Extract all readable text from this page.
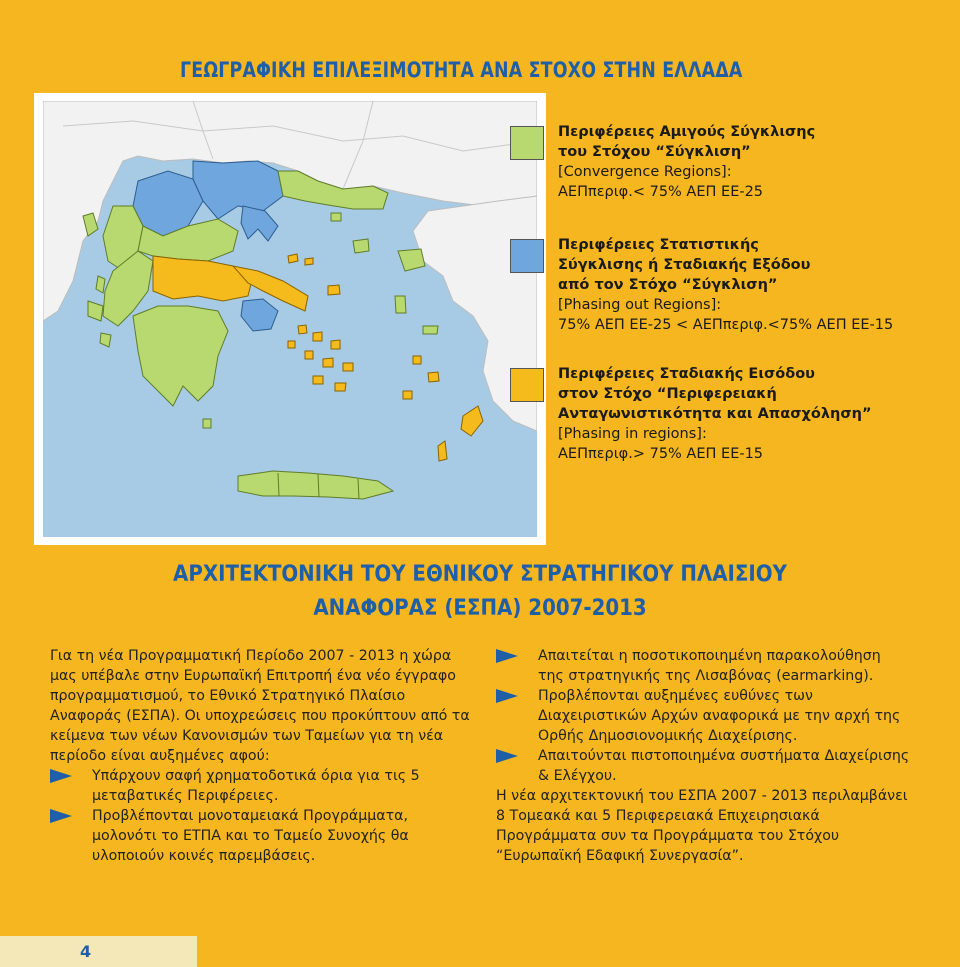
ΓΕΩΓΡΑΦΙΚΗ ΕΠΙΛΕΞΙΜΟΤΗΤΑ ΑΝΑ ΣΤΟΧΟ ΣΤΗΝ ΕΛΛΑΔΑ
Περιφέρειες Αμιγούς Σύγκλισης
του Στόχου “Σύγκλιση”
[Convergence Regions]:
ΑΕΠπεριφ.< 75% ΑΕΠ ΕΕ-25
Περιφέρειες Στατιστικής
Σύγκλισης ή Σταδιακής Εξόδου
από τον Στόχο “Σύγκλιση”
[Phasing out Regions]:
75% ΑΕΠ ΕΕ-25 < ΑΕΠπεριφ.<75% ΑΕΠ ΕΕ-15
Περιφέρειες Σταδιακής Εισόδου
στον Στόχο “Περιφερειακή
Ανταγωνιστικότητα και Απασχόληση”
[Phasing in regions]:
ΑΕΠπεριφ.> 75% ΑΕΠ ΕΕ-15
ΑΡΧΙΤΕΚΤΟΝΙΚΗ ΤΟΥ ΕΘΝΙΚΟΥ ΣΤΡΑΤΗΓΙΚΟΥ ΠΛΑΙΣΙΟΥ
ΑΝΑΦΟΡΑΣ (ΕΣΠΑ) 2007-2013

Για τη νέα Προγραμματική Περίοδο 2007 - 2013 η χώρα μας υπέβαλε στην Ευρωπαϊκή Επιτροπή ένα νέο έγγραφο προγραμματισμού, το Εθνικό Στρατηγικό Πλαίσιο Αναφοράς (ΕΣΠΑ). Οι υποχρεώσεις που προκύπτουν από τα κείμενα των νέων Κανονισμών των Ταμείων για τη νέα περίοδο είναι αυξημένες αφού:

Υπάρχουν σαφή χρηματοδοτικά όρια για τις 5 μεταβατικές Περιφέρειες.
Προβλέπονται μονοταμειακά Προγράμματα, μολονότι το ΕΤΠΑ και το Ταμείο Συνοχής θα υλοποιούν κοινές παρεμβάσεις.
Απαιτείται η ποσοτικοποιημένη παρακολούθηση της στρατηγικής της Λισαβόνας (earmarking).
Προβλέπονται αυξημένες ευθύνες των Διαχειριστικών Αρχών αναφορικά με την αρχή της Ορθής Δημοσιονομικής Διαχείρισης.
Απαιτούνται πιστοποιημένα συστήματα Διαχείρισης & Ελέγχου.

Η νέα αρχιτεκτονική του ΕΣΠΑ 2007 - 2013 περιλαμβάνει 8 Τομεακά και 5 Περιφερειακά Επιχειρησιακά Προγράμματα συν τα Προγράμματα του Στόχου “Ευρωπαϊκή Εδαφική Συνεργασία”.

4
